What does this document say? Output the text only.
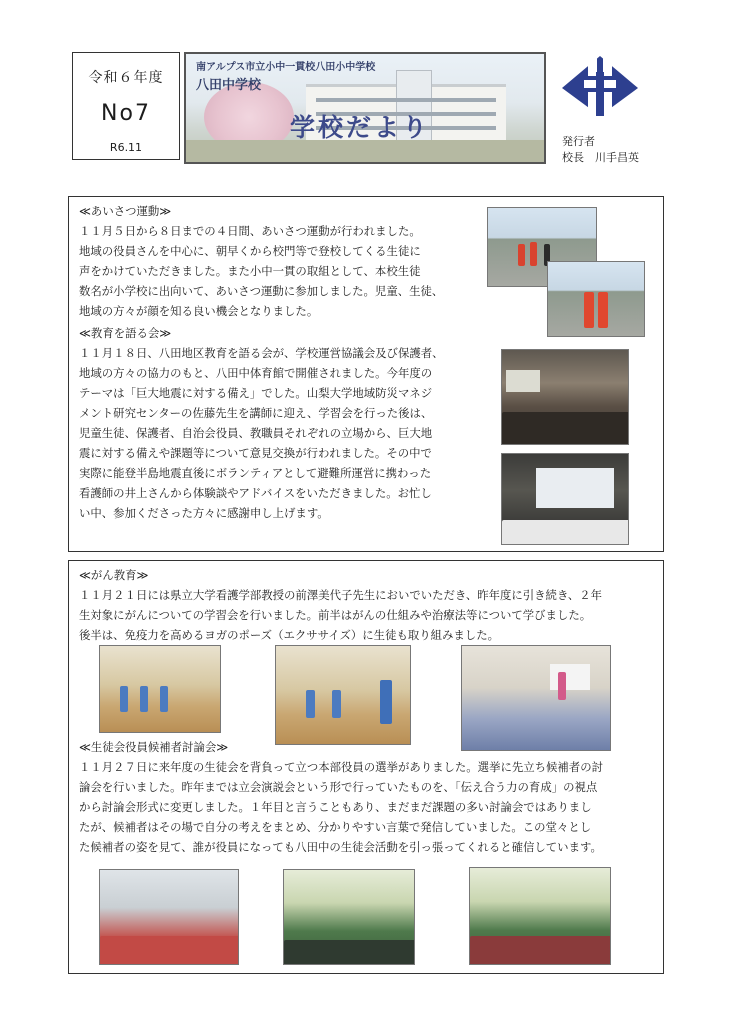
令和６年度
No7
R6.11
南アルプス市立小中一貫校八田小中学校
八田中学校
学校だより	発行者
校長　川手昌英
≪あいさつ運動≫
１１月５日から８日までの４日間、あいさつ運動が行われました。
地域の役員さんを中心に、朝早くから校門等で登校してくる生徒に
声をかけていただきました。また小中一貫の取組として、本校生徒
数名が小学校に出向いて、あいさつ運動に参加しました。児童、生徒、
地域の方々が顔を知る良い機会となりました。
≪教育を語る会≫
１１月１８日、八田地区教育を語る会が、学校運営協議会及び保護者、
地域の方々の協力のもと、八田中体育館で開催されました。今年度の
テーマは「巨大地震に対する備え」でした。山梨大学地域防災マネジ
メント研究センターの佐藤先生を講師に迎え、学習会を行った後は、
児童生徒、保護者、自治会役員、教職員それぞれの立場から、巨大地
震に対する備えや課題等について意見交換が行われました。その中で
実際に能登半島地震直後にボランティアとして避難所運営に携わった
看護師の井上さんから体験談やアドバイスをいただきました。お忙し
い中、参加くださった方々に感謝申し上げます。
≪がん教育≫
１１月２１日には県立大学看護学部教授の前澤美代子先生においでいただき、昨年度に引き続き、２年
生対象にがんについての学習会を行いました。前半はがんの仕組みや治療法等について学びました。
後半は、免疫力を高めるヨガのポーズ（エクササイズ）に生徒も取り組みました。
≪生徒会役員候補者討論会≫
１１月２７日に来年度の生徒会を背負って立つ本部役員の選挙がありました。選挙に先立ち候補者の討
論会を行いました。昨年までは立会演説会という形で行っていたものを、「伝え合う力の育成」の視点
から討論会形式に変更しました。１年目と言うこともあり、まだまだ課題の多い討論会ではありまし
たが、候補者はその場で自分の考えをまとめ、分かりやすい言葉で発信していました。この堂々とし
た候補者の姿を見て、誰が役員になっても八田中の生徒会活動を引っ張ってくれると確信しています。
